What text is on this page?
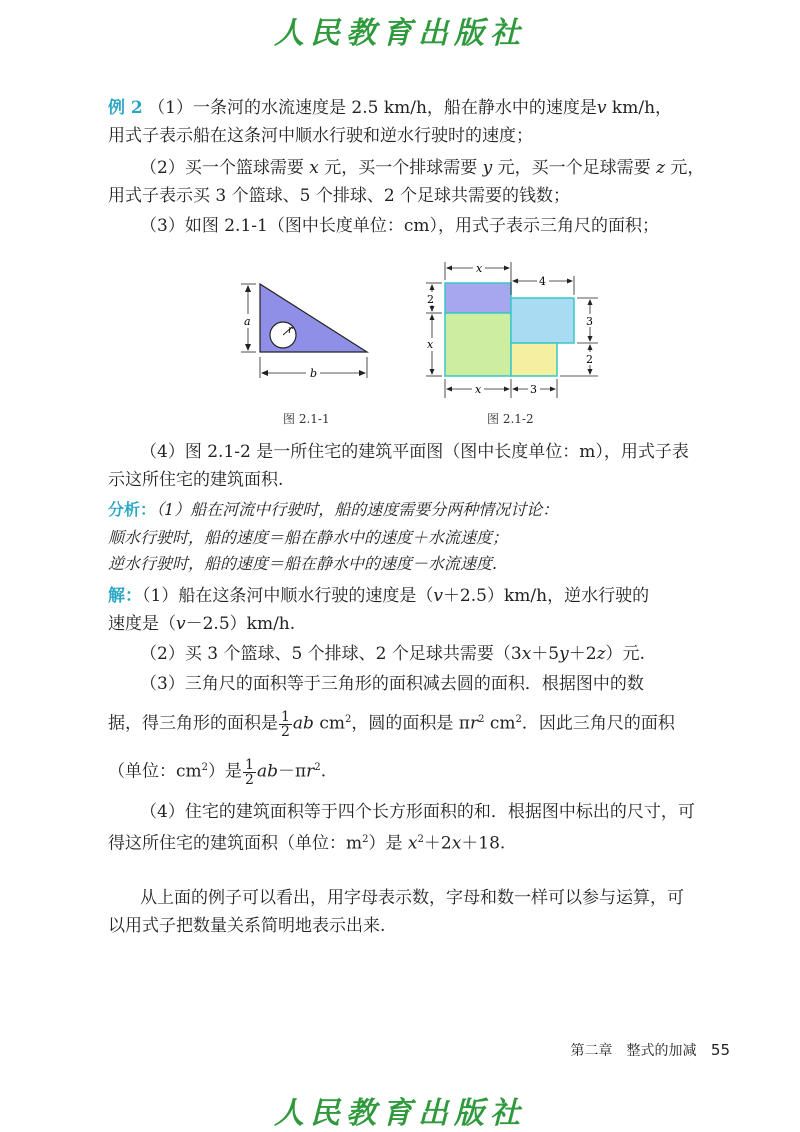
人民教育出版社
例 2 （1）一条河的水流速度是 2.5 km/h，船在静水中的速度是v km/h，
用式子表示船在这条河中顺水行驶和逆水行驶时的速度；
（2）买一个篮球需要 x 元，买一个排球需要 y 元，买一个足球需要 z 元，
用式子表示买 3 个篮球、5 个排球、2 个足球共需要的钱数；
（3）如图 2.1-1（图中长度单位：cm），用式子表示三角尺的面积；
r
a
b
图 2.1-1
x
4
2
x
3
2
x	3
图 2.1-2
（4）图 2.1-2 是一所住宅的建筑平面图（图中长度单位：m），用式子表
示这所住宅的建筑面积.
分析：（1）船在河流中行驶时，船的速度需要分两种情况讨论：
顺水行驶时，船的速度＝船在静水中的速度＋水流速度；
逆水行驶时，船的速度＝船在静水中的速度－水流速度.
解：（1）船在这条河中顺水行驶的速度是（v＋2.5）km/h，逆水行驶的
速度是（v－2.5）km/h.
（2）买 3 个篮球、5 个排球、2 个足球共需要（3x＋5y＋2z）元.
（3）三角尺的面积等于三角形的面积减去圆的面积．根据图中的数
据，得三角形的面积是 $\frac{1}{2}$ ab $cm^2$，圆的面积是 $\pi r^2$ $cm^2$．因此三角尺的面积
（单位：$cm^2$）是 $\frac{1}{2} ab-\pi r^2$.
（4）住宅的建筑面积等于四个长方形面积的和．根据图中标出的尺寸，可
得这所住宅的建筑面积（单位：$m^2$）是 $x^2+2x+18$.
从上面的例子可以看出，用字母表示数，字母和数一样可以参与运算，可
以用式子把数量关系简明地表示出来.
第二章　整式的加减 55
人民教育出版社
